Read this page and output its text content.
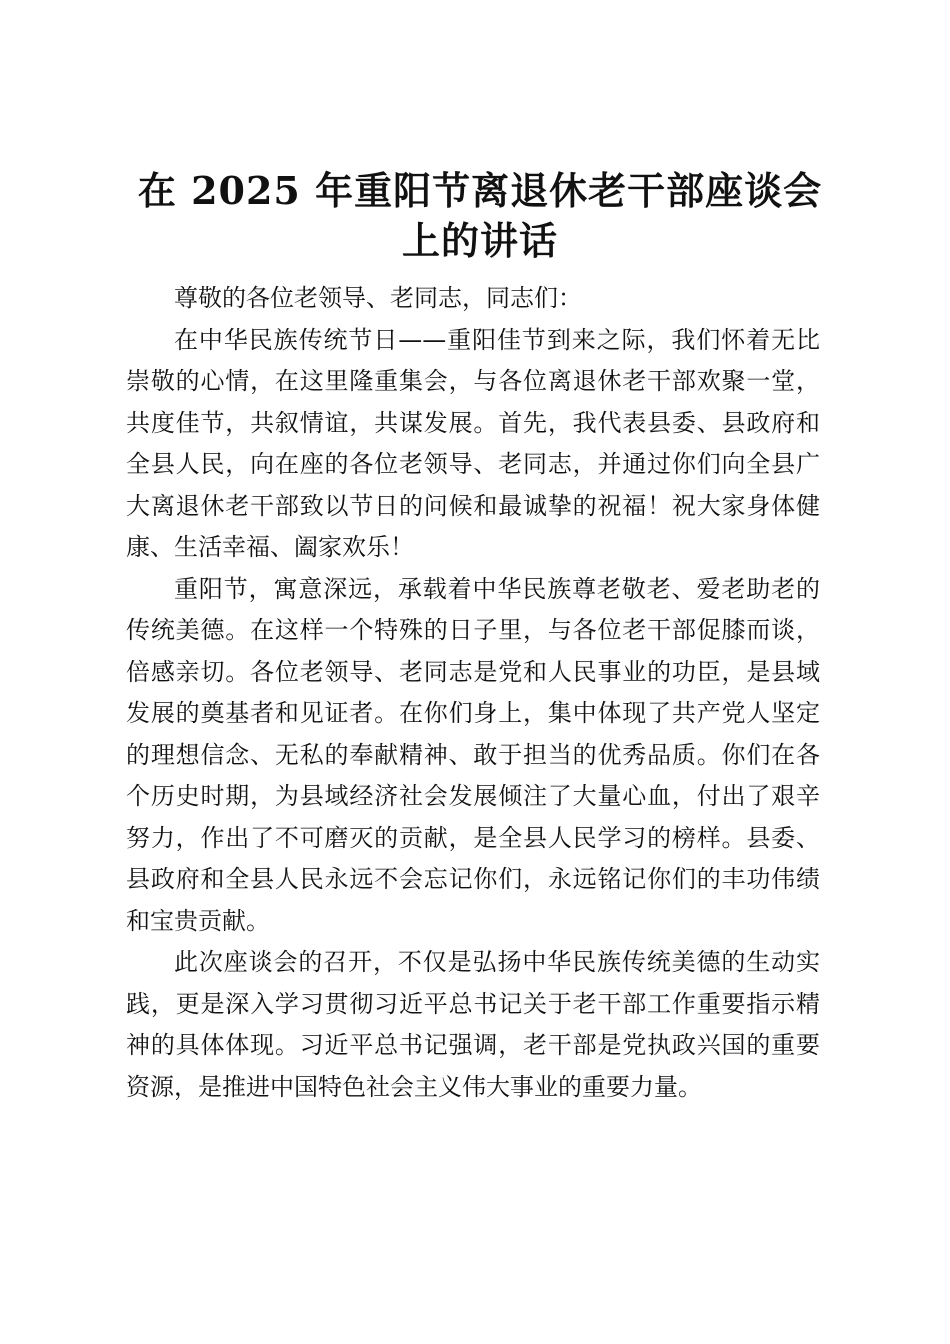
在 2025 年重阳节离退休老干部座谈会上的讲话

尊敬的各位老领导、老同志，同志们：

在中华民族传统节日——重阳佳节到来之际，我们怀着无比崇敬的心情，在这里隆重集会，与各位离退休老干部欢聚一堂，共度佳节，共叙情谊，共谋发展。首先，我代表县委、县政府和全县人民，向在座的各位老领导、老同志，并通过你们向全县广大离退休老干部致以节日的问候和最诚挚的祝福！祝大家身体健康、生活幸福、阖家欢乐！

重阳节，寓意深远，承载着中华民族尊老敬老、爱老助老的传统美德。在这样一个特殊的日子里，与各位老干部促膝而谈，倍感亲切。各位老领导、老同志是党和人民事业的功臣，是县域发展的奠基者和见证者。在你们身上，集中体现了共产党人坚定的理想信念、无私的奉献精神、敢于担当的优秀品质。你们在各个历史时期，为县域经济社会发展倾注了大量心血，付出了艰辛努力，作出了不可磨灭的贡献，是全县人民学习的榜样。县委、县政府和全县人民永远不会忘记你们，永远铭记你们的丰功伟绩和宝贵贡献。

此次座谈会的召开，不仅是弘扬中华民族传统美德的生动实践，更是深入学习贯彻习近平总书记关于老干部工作重要指示精神的具体体现。习近平总书记强调，老干部是党执政兴国的重要资源，是推进中国特色社会主义伟大事业的重要力量。
